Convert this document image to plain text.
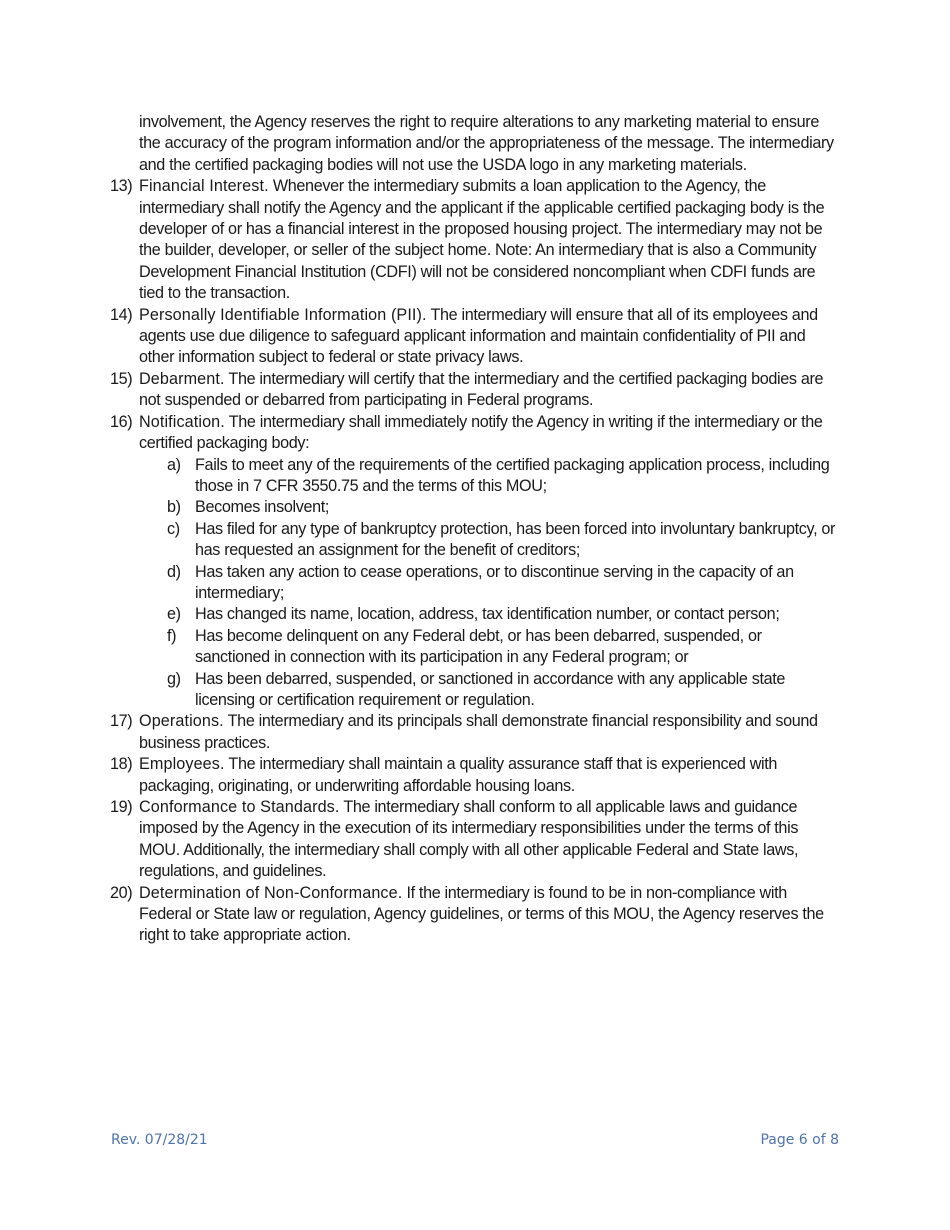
involvement, the Agency reserves the right to require alterations to any marketing material to ensure the accuracy of the program information and/or the appropriateness of the message. The intermediary and the certified packaging bodies will not use the USDA logo in any marketing materials.

13) Financial Interest. Whenever the intermediary submits a loan application to the Agency, the intermediary shall notify the Agency and the applicant if the applicable certified packaging body is the developer of or has a financial interest in the proposed housing project. The intermediary may not be the builder, developer, or seller of the subject home. Note: An intermediary that is also a Community Development Financial Institution (CDFI) will not be considered noncompliant when CDFI funds are tied to the transaction.
14) Personally Identifiable Information (PII). The intermediary will ensure that all of its employees and agents use due diligence to safeguard applicant information and maintain confidentiality of PII and other information subject to federal or state privacy laws.
15) Debarment. The intermediary will certify that the intermediary and the certified packaging bodies are not suspended or debarred from participating in Federal programs.
16) Notification. The intermediary shall immediately notify the Agency in writing if the intermediary or the certified packaging body:
a) Fails to meet any of the requirements of the certified packaging application process, including those in 7 CFR 3550.75 and the terms of this MOU;
b) Becomes insolvent;
c) Has filed for any type of bankruptcy protection, has been forced into involuntary bankruptcy, or has requested an assignment for the benefit of creditors;
d) Has taken any action to cease operations, or to discontinue serving in the capacity of an intermediary;
e) Has changed its name, location, address, tax identification number, or contact person;
f) Has become delinquent on any Federal debt, or has been debarred, suspended, or sanctioned in connection with its participation in any Federal program; or
g) Has been debarred, suspended, or sanctioned in accordance with any applicable state licensing or certification requirement or regulation.
17) Operations. The intermediary and its principals shall demonstrate financial responsibility and sound business practices.
18) Employees. The intermediary shall maintain a quality assurance staff that is experienced with packaging, originating, or underwriting affordable housing loans.
19) Conformance to Standards. The intermediary shall conform to all applicable laws and guidance imposed by the Agency in the execution of its intermediary responsibilities under the terms of this MOU. Additionally, the intermediary shall comply with all other applicable Federal and State laws, regulations, and guidelines.
20) Determination of Non-Conformance. If the intermediary is found to be in non-compliance with Federal or State law or regulation, Agency guidelines, or terms of this MOU, the Agency reserves the right to take appropriate action.
Rev. 07/28/21	Page 6 of 8
